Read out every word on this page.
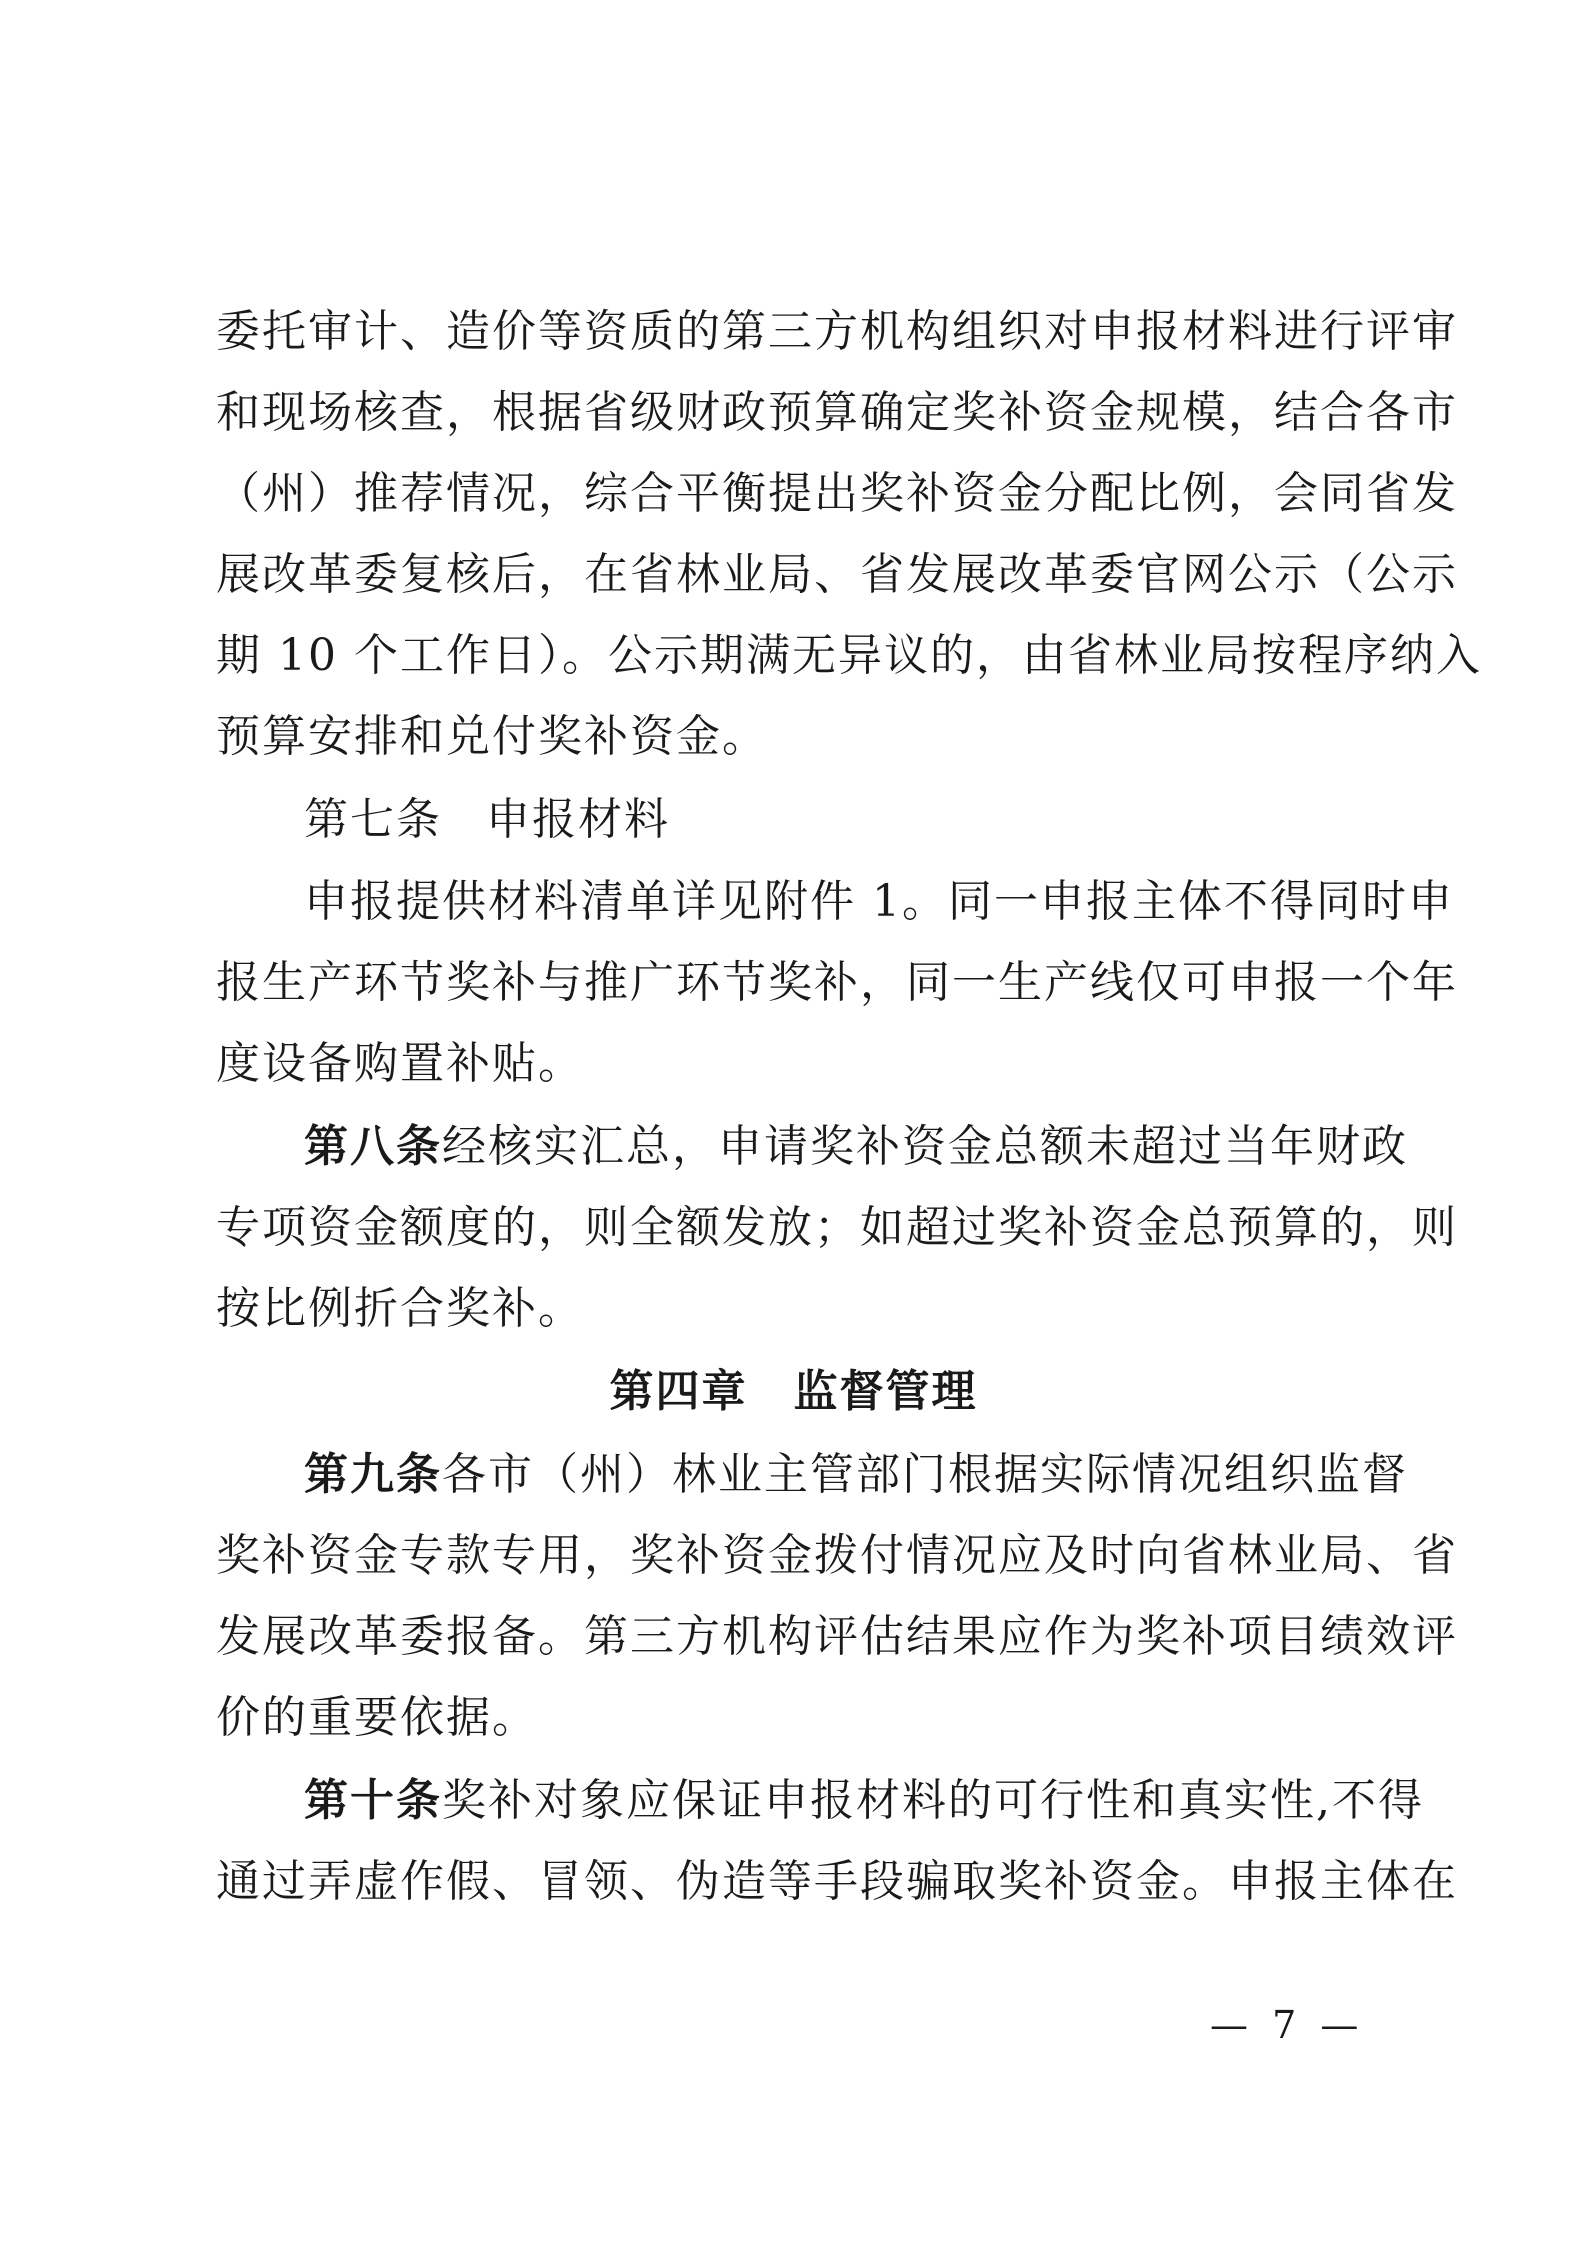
委托审计、造价等资质的第三方机构组织对申报材料进行评审
和现场核查，根据省级财政预算确定奖补资金规模，结合各市
（州）推荐情况，综合平衡提出奖补资金分配比例，会同省发
展改革委复核后，在省林业局、省发展改革委官网公示（公示
期 10 个工作日）。公示期满无异议的，由省林业局按程序纳入
预算安排和兑付奖补资金。
第七条 申报材料
申报提供材料清单详见附件 1。同一申报主体不得同时申
报生产环节奖补与推广环节奖补，同一生产线仅可申报一个年
度设备购置补贴。
第八条 经核实汇总，申请奖补资金总额未超过当年财政
专项资金额度的，则全额发放；如超过奖补资金总预算的，则
按比例折合奖补。
第四章　监督管理
第九条 各市（州）林业主管部门根据实际情况组织监督
奖补资金专款专用，奖补资金拨付情况应及时向省林业局、省
发展改革委报备。第三方机构评估结果应作为奖补项目绩效评
价的重要依据。
第十条 奖补对象应保证申报材料的可行性和真实性,不得
通过弄虚作假、冒领、伪造等手段骗取奖补资金。申报主体在
— 7 —
